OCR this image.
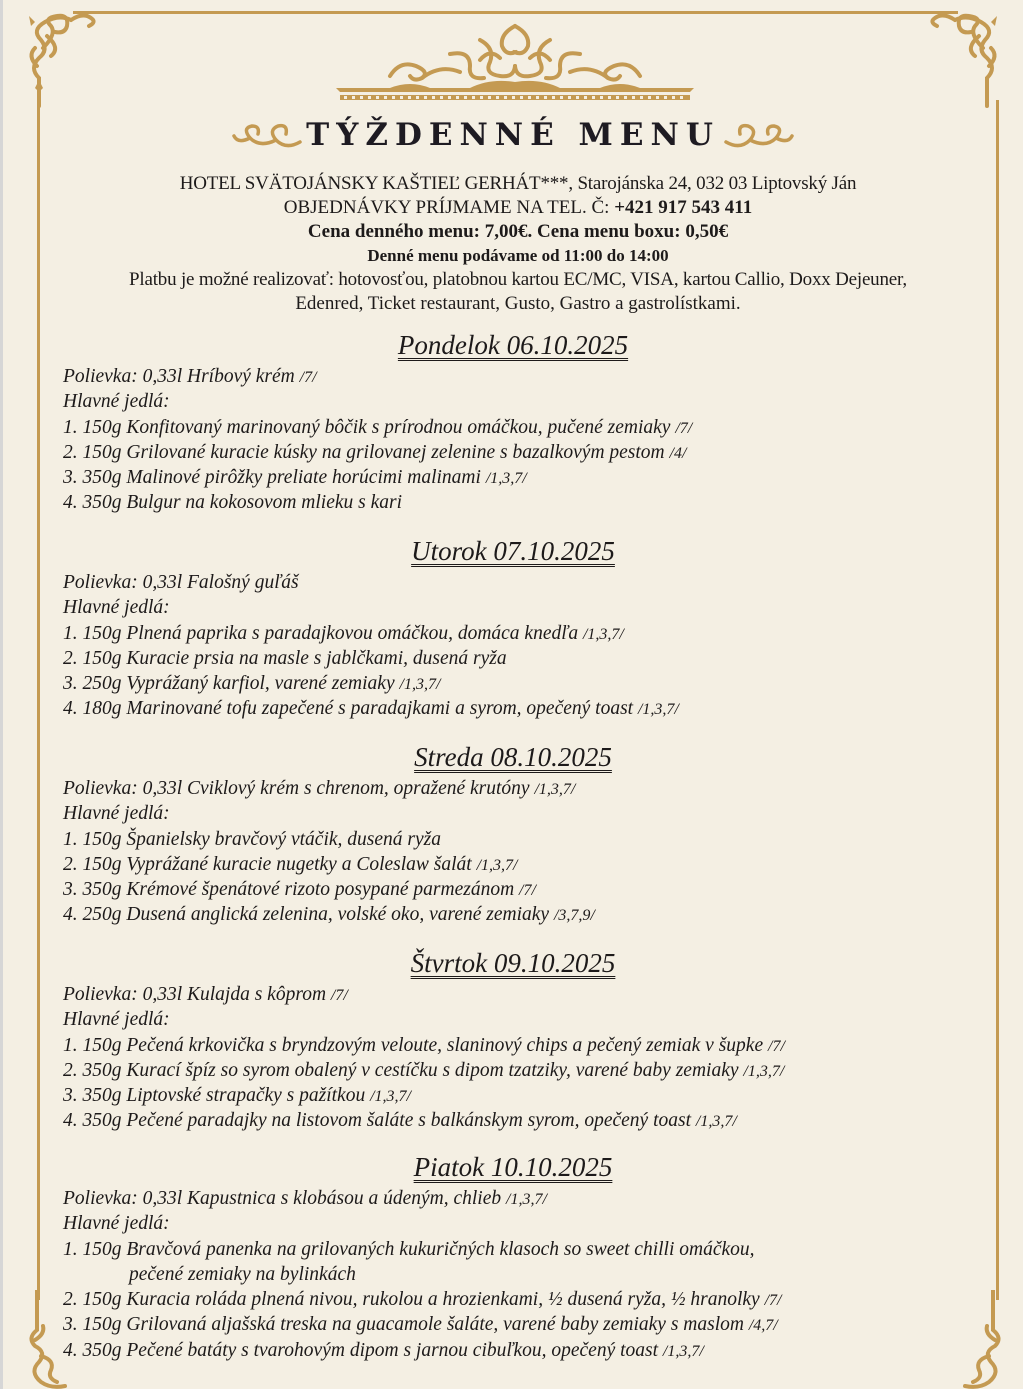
TÝŽDENNÉ MENU
HOTEL SVÄTOJÁNSKY KAŠTIEĽ GERHÁT***, Starojánska 24, 032 03 Liptovský Ján
OBJEDNÁVKY PRÍJMAME NA TEL. Č: +421 917 543 411
Cena denného menu: 7,00€. Cena menu boxu: 0,50€
Denné menu podávame od 11:00 do 14:00
Platbu je možné realizovať: hotovosťou, platobnou kartou EC/MC, VISA, kartou Callio, Doxx Dejeuner,
Edenred, Ticket restaurant, Gusto, Gastro a gastrolístkami.
Pondelok 06.10.2025
Polievka: 0,33l Hríbový krém /7/
Hlavné jedlá:
1. 150g Konfitovaný marinovaný bôčik s prírodnou omáčkou, pučené zemiaky /7/
2. 150g Grilované kuracie kúsky na grilovanej zelenine s bazalkovým pestom /4/
3. 350g Malinové pirôžky preliate horúcimi malinami /1,3,7/
4. 350g Bulgur na kokosovom mlieku s kari
Utorok 07.10.2025
Polievka: 0,33l Falošný guľáš
Hlavné jedlá:
1. 150g Plnená paprika s paradajkovou omáčkou, domáca knedľa /1,3,7/
2. 150g Kuracie prsia na masle s jablčkami, dusená ryža
3. 250g Vyprážaný karfiol, varené zemiaky /1,3,7/
4. 180g Marinované tofu zapečené s paradajkami a syrom, opečený toast /1,3,7/
Streda 08.10.2025
Polievka: 0,33l Cviklový krém s chrenom, opražené krutóny /1,3,7/
Hlavné jedlá:
1. 150g Španielsky bravčový vtáčik, dusená ryža
2. 150g Vyprážané kuracie nugetky a Coleslaw šalát /1,3,7/
3. 350g Krémové špenátové rizoto posypané parmezánom /7/
4. 250g Dusená anglická zelenina, volské oko, varené zemiaky /3,7,9/
Štvrtok 09.10.2025
Polievka: 0,33l Kulajda s kôprom /7/
Hlavné jedlá:
1. 150g Pečená krkovička s bryndzovým veloute, slaninový chips a pečený zemiak v šupke /7/
2. 350g Kurací špíz so syrom obalený v cestíčku s dipom tzatziky, varené baby zemiaky /1,3,7/
3. 350g Liptovské strapačky s pažítkou /1,3,7/
4. 350g Pečené paradajky na listovom šaláte s balkánskym syrom, opečený toast /1,3,7/
Piatok 10.10.2025
Polievka: 0,33l Kapustnica s klobásou a údeným, chlieb /1,3,7/
Hlavné jedlá:
1. 150g Bravčová panenka na grilovaných kukuričných klasoch so sweet chilli omáčkou,
pečené zemiaky na bylinkách
2. 150g Kuracia roláda plnená nivou, rukolou a hrozienkami, ½ dusená ryža, ½ hranolky /7/
3. 150g Grilovaná aljašská treska na guacamole šaláte, varené baby zemiaky s maslom /4,7/
4. 350g Pečené batáty s tvarohovým dipom s jarnou cibuľkou, opečený toast /1,3,7/
